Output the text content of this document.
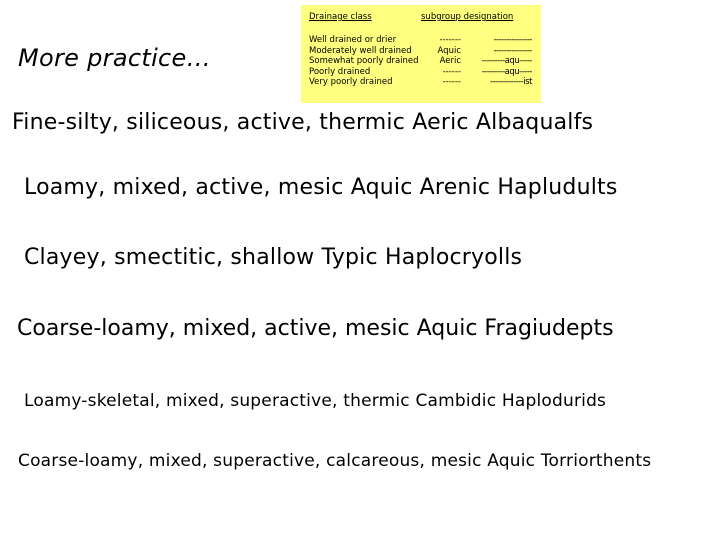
More practice…
Drainage class	subgroup designation
Well drained or drier
Moderately well drained
Somewhat poorly drained
Poorly drained
Very poorly drained
-------
Aquic
Aeric
------
------
---------------
---------------
---------aqu-----
---------aqu-----
-------------ist
Fine-silty, siliceous, active, thermic Aeric Albaqualfs
Loamy, mixed, active, mesic Aquic Arenic Hapludults
Clayey, smectitic, shallow Typic Haplocryolls
Coarse-loamy, mixed, active, mesic Aquic Fragiudepts
Loamy-skeletal, mixed, superactive, thermic Cambidic Haplodurids
Coarse-loamy, mixed, superactive, calcareous, mesic Aquic Torriorthents
